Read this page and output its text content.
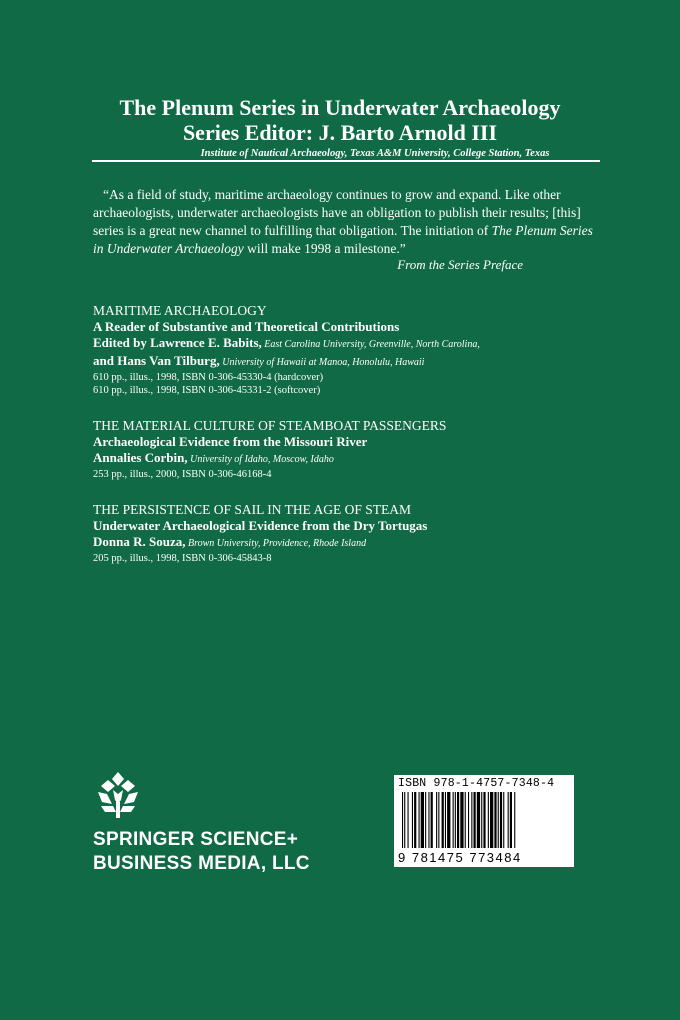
The Plenum Series in Underwater Archaeology
Series Editor: J. Barto Arnold III
Institute of Nautical Archaeology, Texas A&M University, College Station, Texas

“As a field of study, maritime archaeology continues to grow and expand. Like other archaeologists, underwater archaeologists have an obligation to publish their results; [this] series is a great new channel to fulfilling that obligation. The initiation of The Plenum Series in Underwater Archaeology will make 1998 a milestone.”

From the Series Preface
MARITIME ARCHAEOLOGY
A Reader of Substantive and Theoretical Contributions
Edited by Lawrence E. Babits, East Carolina University, Greenville, North Carolina,
and Hans Van Tilburg, University of Hawaii at Manoa, Honolulu, Hawaii
610 pp., illus., 1998, ISBN 0-306-45330-4 (hardcover)
610 pp., illus., 1998, ISBN 0-306-45331-2 (softcover)
THE MATERIAL CULTURE OF STEAMBOAT PASSENGERS
Archaeological Evidence from the Missouri River
Annalies Corbin, University of Idaho, Moscow, Idaho
253 pp., illus., 2000, ISBN 0-306-46168-4
THE PERSISTENCE OF SAIL IN THE AGE OF STEAM
Underwater Archaeological Evidence from the Dry Tortugas
Donna R. Souza, Brown University, Providence, Rhode Island
205 pp., illus., 1998, ISBN 0-306-45843-8
SPRINGER SCIENCE+
BUSINESS MEDIA, LLC
ISBN 978-1-4757-7348-4
9 781475 773484
